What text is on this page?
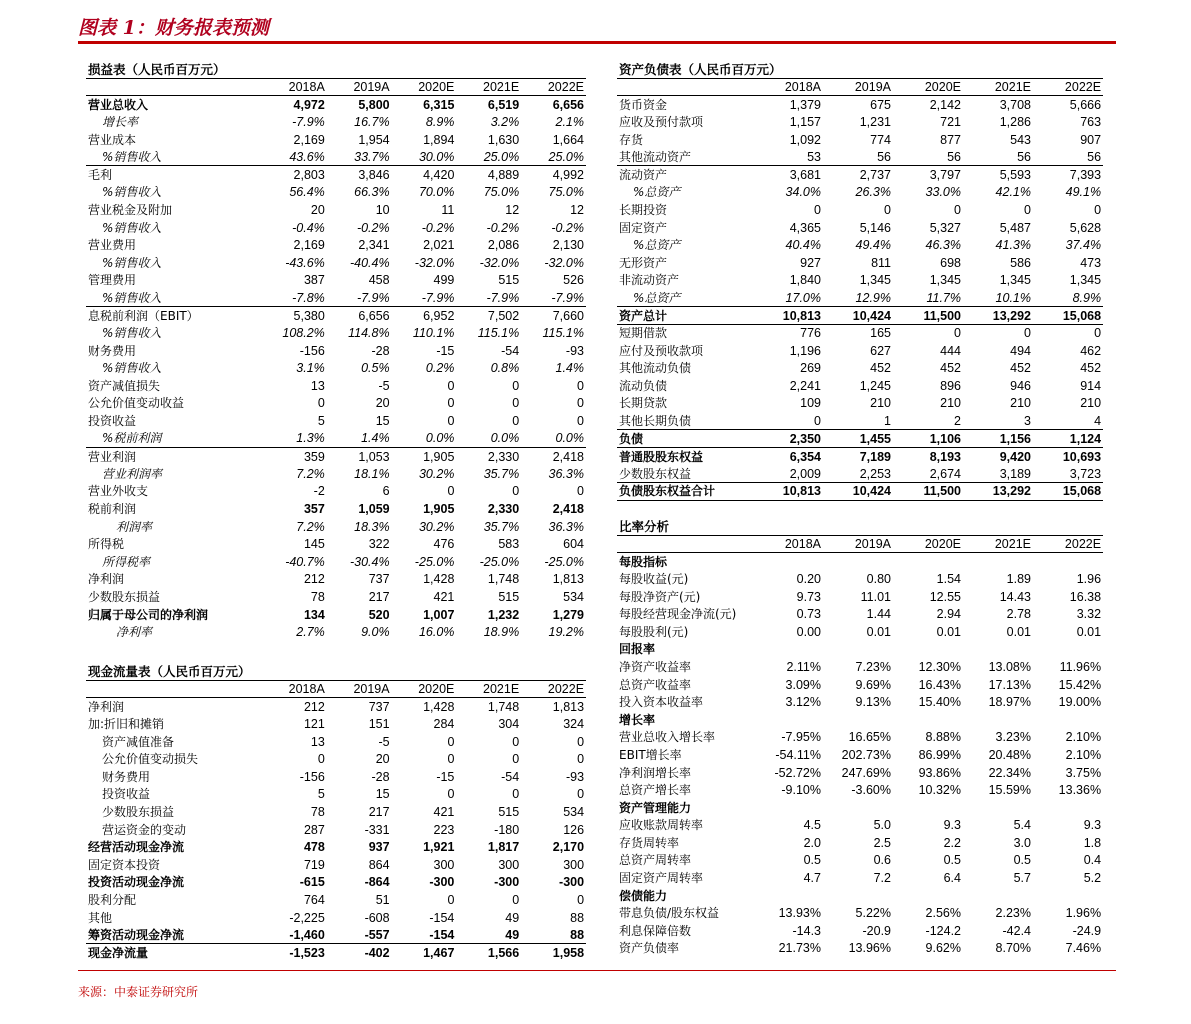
图表 1：财务报表预测
损益表（人民币百万元）					
	2018A	2019A	2020E	2021E	2022E
营业总收入	4,972	5,800	6,315	6,519	6,656
增长率	-7.9%	16.7%	8.9%	3.2%	2.1%
营业成本	2,169	1,954	1,894	1,630	1,664
%销售收入	43.6%	33.7%	30.0%	25.0%	25.0%
毛利	2,803	3,846	4,420	4,889	4,992
%销售收入	56.4%	66.3%	70.0%	75.0%	75.0%
营业税金及附加	20	10	11	12	12
%销售收入	-0.4%	-0.2%	-0.2%	-0.2%	-0.2%
营业费用	2,169	2,341	2,021	2,086	2,130
%销售收入	-43.6%	-40.4%	-32.0%	-32.0%	-32.0%
管理费用	387	458	499	515	526
%销售收入	-7.8%	-7.9%	-7.9%	-7.9%	-7.9%
息税前利润（EBIT）	5,380	6,656	6,952	7,502	7,660
%销售收入	108.2%	114.8%	110.1%	115.1%	115.1%
财务费用	-156	-28	-15	-54	-93
%销售收入	3.1%	0.5%	0.2%	0.8%	1.4%
资产减值损失	13	-5	0	0	0
公允价值变动收益	0	20	0	0	0
投资收益	5	15	0	0	0
%税前利润	1.3%	1.4%	0.0%	0.0%	0.0%
营业利润	359	1,053	1,905	2,330	2,418
营业利润率	7.2%	18.1%	30.2%	35.7%	36.3%
营业外收支	-2	6	0	0	0
税前利润	357	1,059	1,905	2,330	2,418
利润率	7.2%	18.3%	30.2%	35.7%	36.3%
所得税	145	322	476	583	604
所得税率	-40.7%	-30.4%	-25.0%	-25.0%	-25.0%
净利润	212	737	1,428	1,748	1,813
少数股东损益	78	217	421	515	534
归属于母公司的净利润	134	520	1,007	1,232	1,279
净利率	2.7%	9.0%	16.0%	18.9%	19.2%
现金流量表（人民币百万元）					
	2018A	2019A	2020E	2021E	2022E
净利润	212	737	1,428	1,748	1,813
加:折旧和摊销	121	151	284	304	324
资产减值准备	13	-5	0	0	0
公允价值变动损失	0	20	0	0	0
财务费用	-156	-28	-15	-54	-93
投资收益	5	15	0	0	0
少数股东损益	78	217	421	515	534
营运资金的变动	287	-331	223	-180	126
经营活动现金净流	478	937	1,921	1,817	2,170
固定资本投资	719	864	300	300	300
投资活动现金净流	-615	-864	-300	-300	-300
股利分配	764	51	0	0	0
其他	-2,225	-608	-154	49	88
筹资活动现金净流	-1,460	-557	-154	49	88
现金净流量	-1,523	-402	1,467	1,566	1,958
资产负债表（人民币百万元）					
	2018A	2019A	2020E	2021E	2022E
货币资金	1,379	675	2,142	3,708	5,666
应收及预付款项	1,157	1,231	721	1,286	763
存货	1,092	774	877	543	907
其他流动资产	53	56	56	56	56
流动资产	3,681	2,737	3,797	5,593	7,393
%总资产	34.0%	26.3%	33.0%	42.1%	49.1%
长期投资	0	0	0	0	0
固定资产	4,365	5,146	5,327	5,487	5,628
%总资产	40.4%	49.4%	46.3%	41.3%	37.4%
无形资产	927	811	698	586	473
非流动资产	1,840	1,345	1,345	1,345	1,345
%总资产	17.0%	12.9%	11.7%	10.1%	8.9%
资产总计	10,813	10,424	11,500	13,292	15,068
短期借款	776	165	0	0	0
应付及预收款项	1,196	627	444	494	462
其他流动负债	269	452	452	452	452
流动负债	2,241	1,245	896	946	914
长期贷款	109	210	210	210	210
其他长期负债	0	1	2	3	4
负债	2,350	1,455	1,106	1,156	1,124
普通股股东权益	6,354	7,189	8,193	9,420	10,693
少数股东权益	2,009	2,253	2,674	3,189	3,723
负债股东权益合计	10,813	10,424	11,500	13,292	15,068
比率分析					
	2018A	2019A	2020E	2021E	2022E
每股指标					
每股收益(元)	0.20	0.80	1.54	1.89	1.96
每股净资产(元)	9.73	11.01	12.55	14.43	16.38
每股经营现金净流(元)	0.73	1.44	2.94	2.78	3.32
每股股利(元)	0.00	0.01	0.01	0.01	0.01
回报率					
净资产收益率	2.11%	7.23%	12.30%	13.08%	11.96%
总资产收益率	3.09%	9.69%	16.43%	17.13%	15.42%
投入资本收益率	3.12%	9.13%	15.40%	18.97%	19.00%
增长率					
营业总收入增长率	-7.95%	16.65%	8.88%	3.23%	2.10%
EBIT增长率	-54.11%	202.73%	86.99%	20.48%	2.10%
净利润增长率	-52.72%	247.69%	93.86%	22.34%	3.75%
总资产增长率	-9.10%	-3.60%	10.32%	15.59%	13.36%
资产管理能力					
应收账款周转率	4.5	5.0	9.3	5.4	9.3
存货周转率	2.0	2.5	2.2	3.0	1.8
总资产周转率	0.5	0.6	0.5	0.5	0.4
固定资产周转率	4.7	7.2	6.4	5.7	5.2
偿债能力					
带息负债/股东权益	13.93%	5.22%	2.56%	2.23%	1.96%
利息保障倍数	-14.3	-20.9	-124.2	-42.4	-24.9
资产负债率	21.73%	13.96%	9.62%	8.70%	7.46%
来源：中泰证券研究所
